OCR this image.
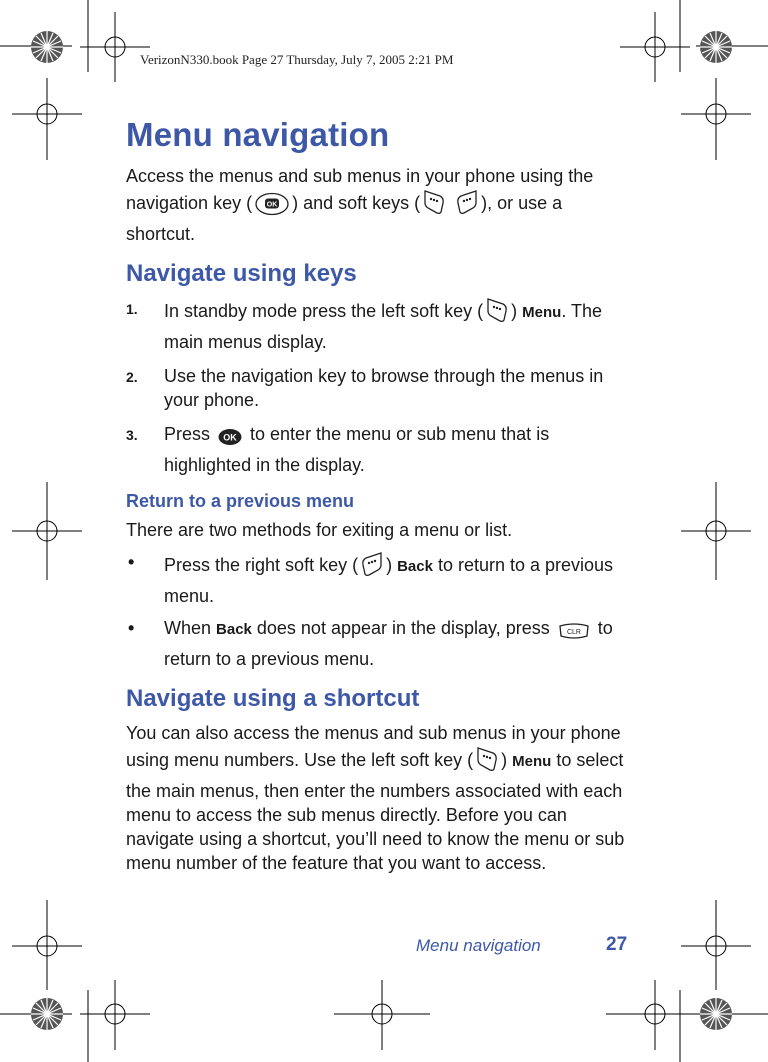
VerizonN330.book Page 27 Thursday, July 7, 2005 2:21 PM
Menu navigation

Access the menus and sub menus in your phone using the navigation key ( OK ) and soft keys (	), or use a shortcut.

Navigate using keys
1. In standby mode press the left soft key ( ) Menu. The main menus display.
2. Use the navigation key to browse through the menus in your phone.
3. Press OK to enter the menu or sub menu that is highlighted in the display.
Return to a previous menu

There are two methods for exiting a menu or list.

• Press the right soft key ( ) Back to return to a previous menu.
• When Back does not appear in the display, press CLR to return to a previous menu.
Navigate using a shortcut

You can also access the menus and sub menus in your phone using menu numbers. Use the left soft key ( ) Menu to select the main menus, then enter the numbers associated with each menu to access the sub menus directly. Before you can navigate using a shortcut, you’ll need to know the menu or sub menu number of the feature that you want to access.

Menu navigation	27
